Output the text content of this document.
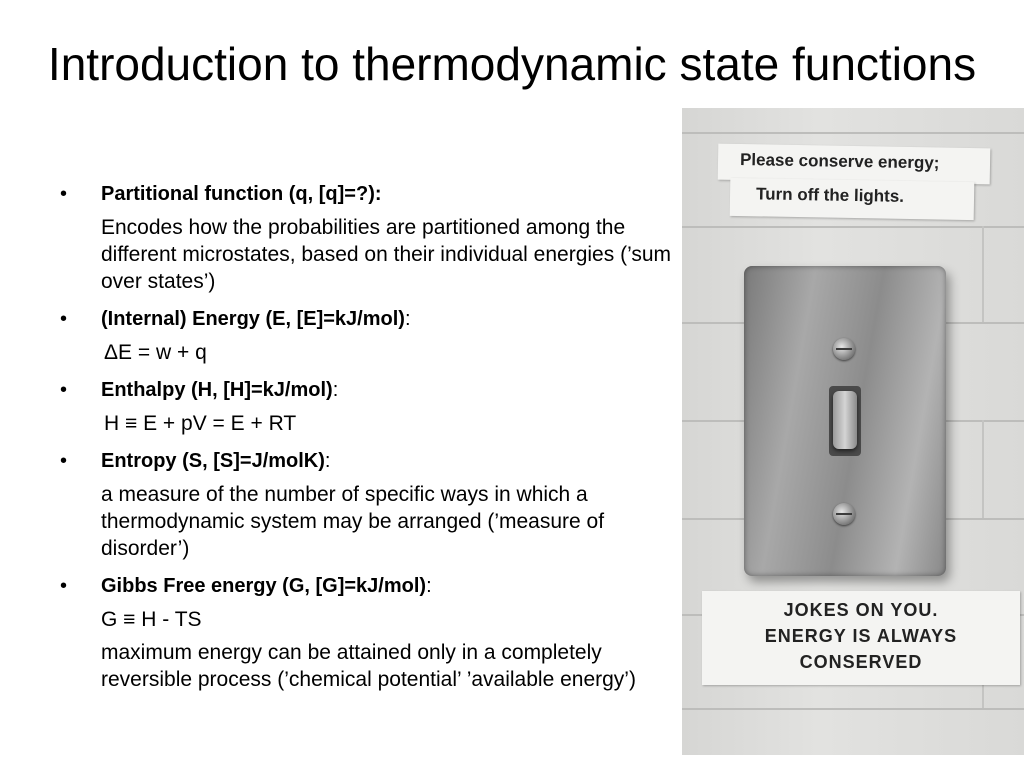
Introduction to thermodynamic state functions
• Partitional function (q, [q]=?):
Encodes how the probabilities are partitioned among the different microstates, based on their individual energies (’sum over states’)
• (Internal) Energy (E, [E]=kJ/mol):
ΔE = w + q
• Enthalpy (H, [H]=kJ/mol):
H ≡ E + pV = E + RT
• Entropy (S, [S]=J/molK):
a measure of the number of specific ways in which a thermodynamic system may be arranged (’measure of disorder’)
• Gibbs Free energy (G, [G]=kJ/mol):
G ≡ H - TS
maximum energy can be attained only in a completely reversible process (’chemical potential’ ’available energy’)
Please conserve energy;
Turn off the lights.
JOKES ON YOU.
ENERGY IS ALWAYS
CONSERVED
